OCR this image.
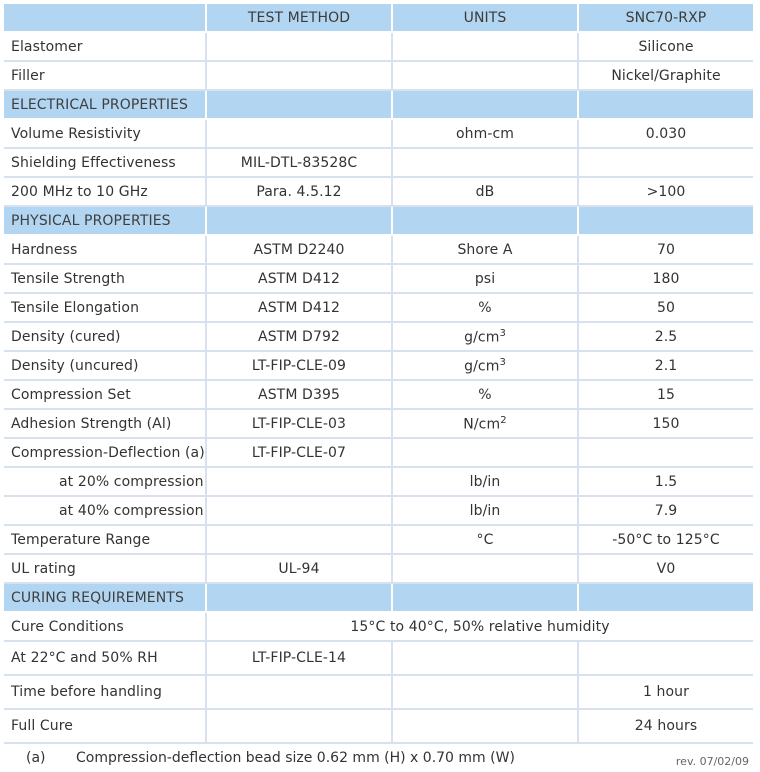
	TEST METHOD	UNITS	SNC70-RXP
Elastomer			Silicone
Filler			Nickel/Graphite
ELECTRICAL PROPERTIES			
Volume Resistivity		ohm-cm	0.030
Shielding Effectiveness	MIL-DTL-83528C		
200 MHz to 10 GHz	Para. 4.5.12	dB	>100
PHYSICAL PROPERTIES			
Hardness	ASTM D2240	Shore A	70
Tensile Strength	ASTM D412	psi	180
Tensile Elongation	ASTM D412	%	50
Density (cured)	ASTM D792	$g/cm^3$	2.5
Density (uncured)	LT-FIP-CLE-09	$g/cm^3$	2.1
Compression Set	ASTM D395	%	15
Adhesion Strength (Al)	LT-FIP-CLE-03	$N/cm^2$	150
Compression-Deflection (a)	LT-FIP-CLE-07		
at 20% compression		lb/in	1.5
at 40% compression		lb/in	7.9
Temperature Range		°C	-50°C to 125°C
UL rating	UL-94		V0
CURING REQUIREMENTS			
Cure Conditions	15°C to 40°C, 50% relative humidity		
At 22°C and 50% RH	LT-FIP-CLE-14		
Time before handling			1 hour
Full Cure			24 hours
(a) Compression-deflection bead size 0.62 mm (H) x 0.70 mm (W)	rev. 07/02/09
